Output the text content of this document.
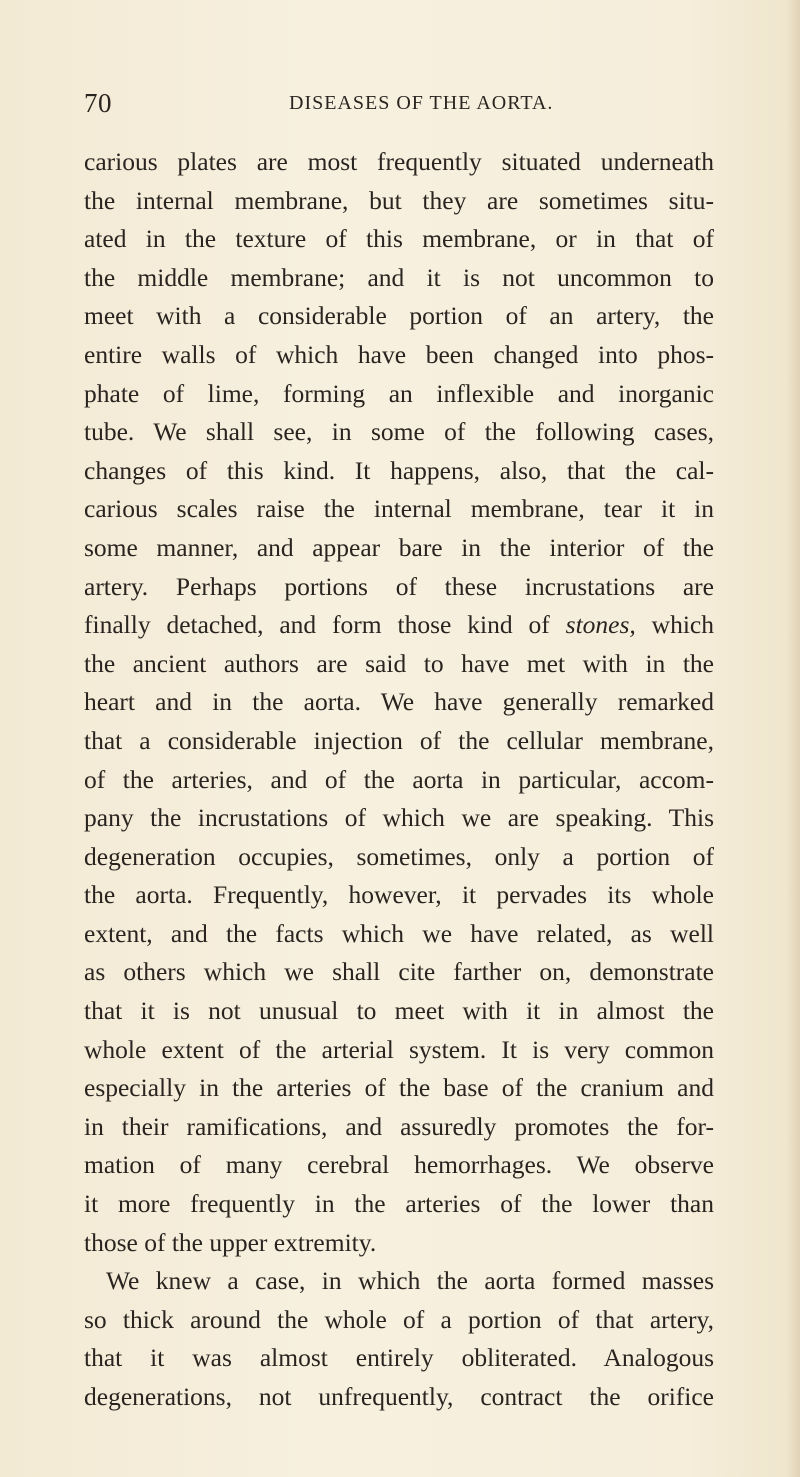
70	DISEASES OF THE AORTA.
carious plates are most frequently situated underneath
the internal membrane, but they are sometimes situ-
ated in the texture of this membrane, or in that of
the middle membrane; and it is not uncommon to
meet with a considerable portion of an artery, the
entire walls of which have been changed into phos-
phate of lime, forming an inflexible and inorganic
tube. We shall see, in some of the following cases,
changes of this kind. It happens, also, that the cal-
carious scales raise the internal membrane, tear it in
some manner, and appear bare in the interior of the
artery. Perhaps portions of these incrustations are
finally detached, and form those kind of stones, which
the ancient authors are said to have met with in the
heart and in the aorta. We have generally remarked
that a considerable injection of the cellular membrane,
of the arteries, and of the aorta in particular, accom-
pany the incrustations of which we are speaking. This
degeneration occupies, sometimes, only a portion of
the aorta. Frequently, however, it pervades its whole
extent, and the facts which we have related, as well
as others which we shall cite farther on, demonstrate
that it is not unusual to meet with it in almost the
whole extent of the arterial system. It is very common
especially in the arteries of the base of the cranium and
in their ramifications, and assuredly promotes the for-
mation of many cerebral hemorrhages. We observe
it more frequently in the arteries of the lower than
those of the upper extremity.
We knew a case, in which the aorta formed masses
so thick around the whole of a portion of that artery,
that it was almost entirely obliterated. Analogous
degenerations, not unfrequently, contract the orifice
